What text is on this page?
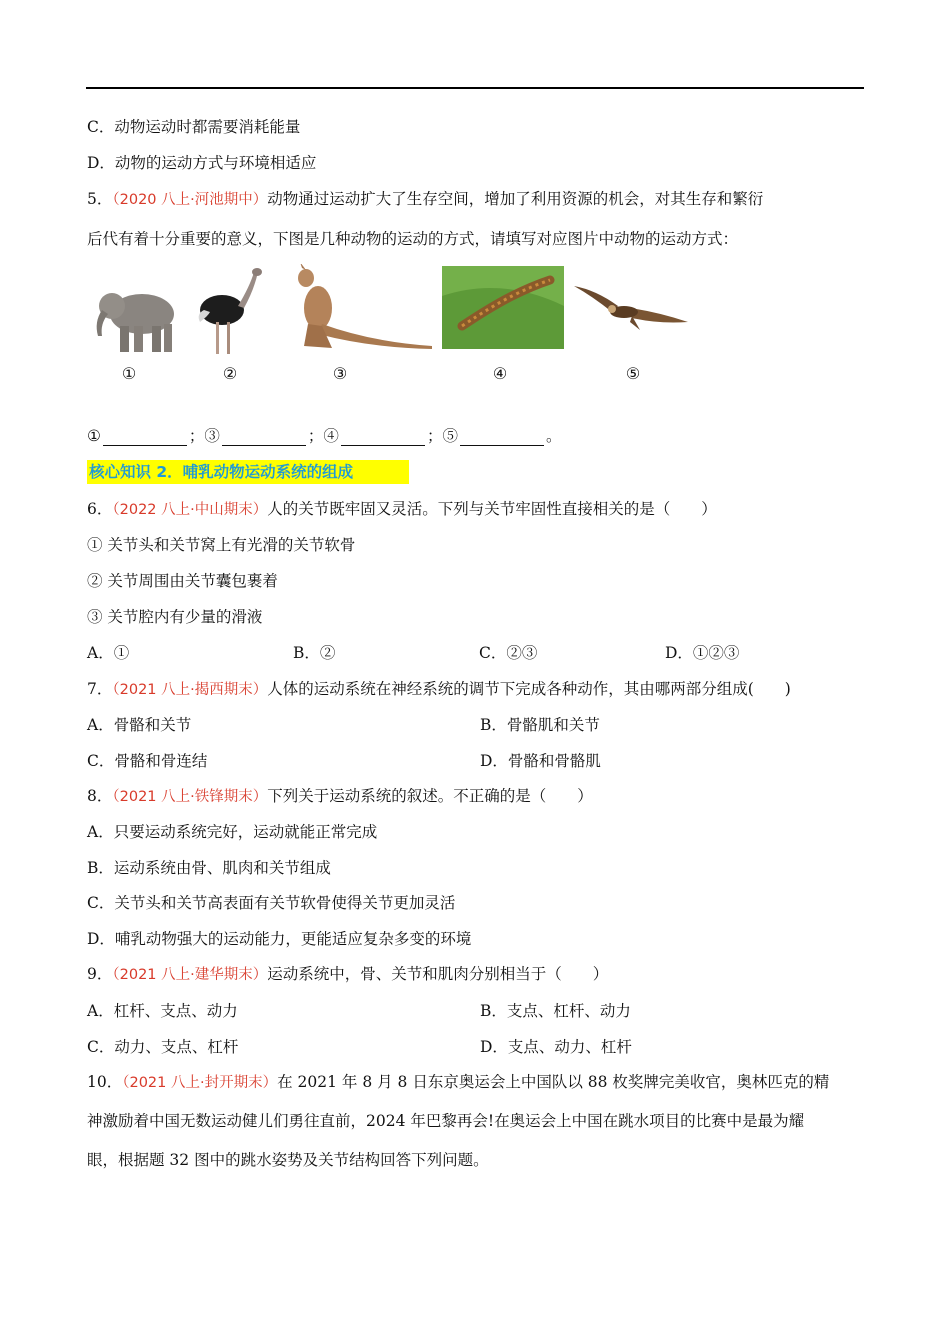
C．动物运动时都需要消耗能量
D．动物的运动方式与环境相适应
5．（2020 八上·河池期中）动物通过运动扩大了生存空间，增加了利用资源的机会，对其生存和繁衍
后代有着十分重要的意义，下图是几种动物的运动的方式，请填写对应图片中动物的运动方式：
①	②	③	④	⑤
①	；③	；④	；⑤	。
核心知识 2．哺乳动物运动系统的组成
6．（2022 八上·中山期末）人的关节既牢固又灵活。下列与关节牢固性直接相关的是（　　）
① 关节头和关节窝上有光滑的关节软骨
② 关节周围由关节囊包裹着
③ 关节腔内有少量的滑液
A．①	B．②	C．②③	D．①②③
7．（2021 八上·揭西期末）人体的运动系统在神经系统的调节下完成各种动作，其由哪两部分组成(　　)
A．骨骼和关节	B．骨骼肌和关节
C．骨骼和骨连结	D．骨骼和骨骼肌
8．（2021 八上·铁锋期末）下列关于运动系统的叙述。不正确的是（　　）
A．只要运动系统完好，运动就能正常完成
B．运动系统由骨、肌肉和关节组成
C．关节头和关节高表面有关节软骨使得关节更加灵活
D．哺乳动物强大的运动能力，更能适应复杂多变的环境
9．（2021 八上·建华期末）运动系统中，骨、关节和肌肉分别相当于（　　）
A．杠杆、支点、动力	B．支点、杠杆、动力
C．动力、支点、杠杆	D．支点、动力、杠杆
10．（2021 八上·封开期末）在 2021 年 8 月 8 日东京奥运会上中国队以 88 枚奖牌完美收官，奥林匹克的精
神激励着中国无数运动健儿们勇往直前，2024 年巴黎再会!在奥运会上中国在跳水项目的比赛中是最为耀
眼，根据题 32 图中的跳水姿势及关节结构回答下列问题。
